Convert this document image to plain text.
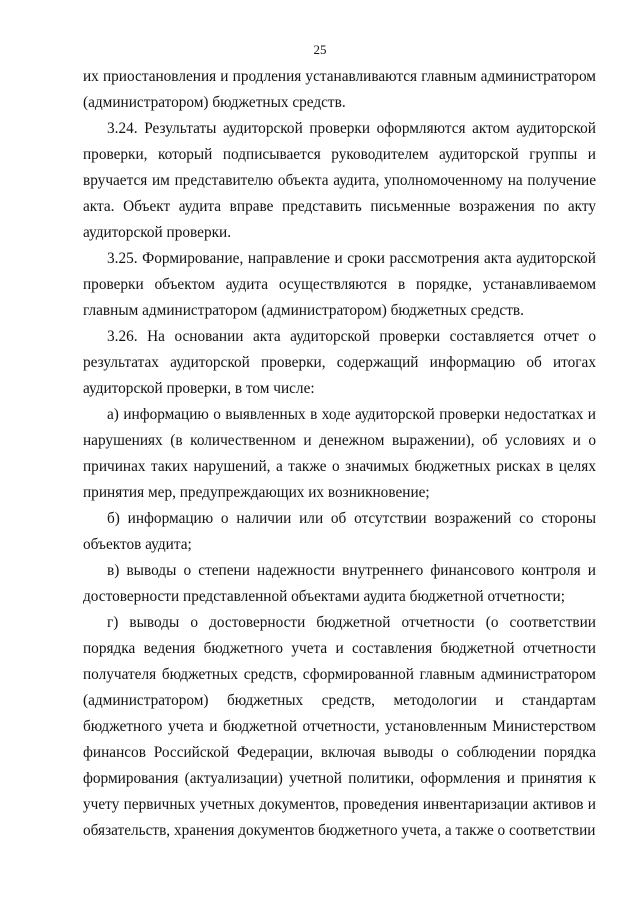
25

их приостановления и продления устанавливаются главным администратором (администратором) бюджетных средств.

3.24. Результаты аудиторской проверки оформляются актом аудиторской проверки, который подписывается руководителем аудиторской группы и вручается им представителю объекта аудита, уполномоченному на получение акта. Объект аудита вправе представить письменные возражения по акту аудиторской проверки.

3.25. Формирование, направление и сроки рассмотрения акта аудиторской проверки объектом аудита осуществляются в порядке, устанавливаемом главным администратором (администратором) бюджетных средств.

3.26. На основании акта аудиторской проверки составляется отчет о результатах аудиторской проверки, содержащий информацию об итогах аудиторской проверки, в том числе:

а) информацию о выявленных в ходе аудиторской проверки недостатках и нарушениях (в количественном и денежном выражении), об условиях и о причинах таких нарушений, а также о значимых бюджетных рисках в целях принятия мер, предупреждающих их возникновение;

б) информацию о наличии или об отсутствии возражений со стороны объектов аудита;

в) выводы о степени надежности внутреннего финансового контроля и достоверности представленной объектами аудита бюджетной отчетности;

г) выводы о достоверности бюджетной отчетности (о соответствии порядка ведения бюджетного учета и составления бюджетной отчетности получателя бюджетных средств, сформированной главным администратором (администратором) бюджетных средств, методологии и стандартам бюджетного учета и бюджетной отчетности, установленным Министерством финансов Российской Федерации, включая выводы о соблюдении порядка формирования (актуализации) учетной политики, оформления и принятия к учету первичных учетных документов, проведения инвентаризации активов и обязательств, хранения документов бюджетного учета, а также о соответствии
